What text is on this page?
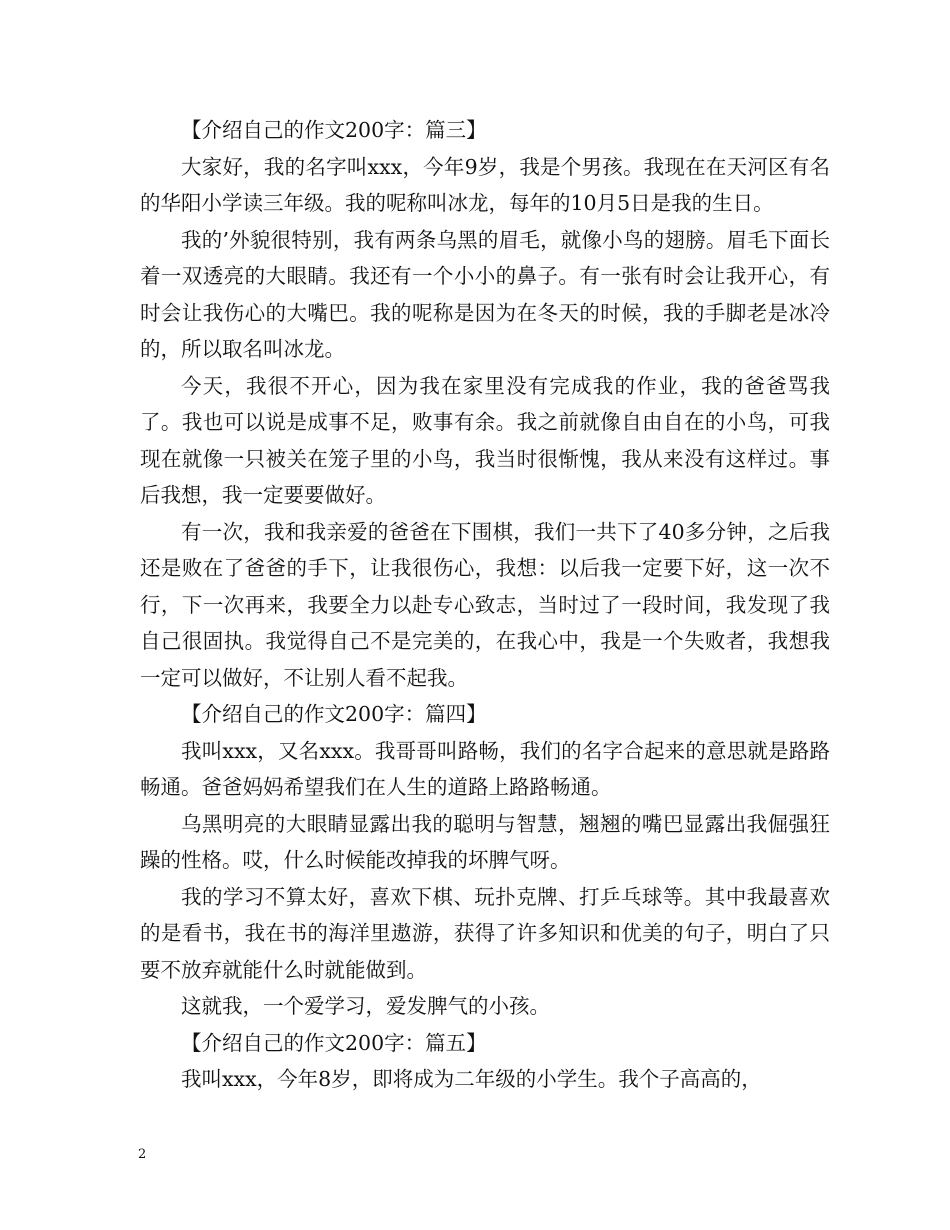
【介绍自己的作文200字：篇三】

大家好，我的名字叫xxx，今年9岁，我是个男孩。我现在在天河区有名的华阳小学读三年级。我的呢称叫冰龙，每年的10月5日是我的生日。

我的’外貌很特别，我有两条乌黑的眉毛，就像小鸟的翅膀。眉毛下面长着一双透亮的大眼睛。我还有一个小小的鼻子。有一张有时会让我开心，有时会让我伤心的大嘴巴。我的呢称是因为在冬天的时候，我的手脚老是冰冷的，所以取名叫冰龙。

今天，我很不开心，因为我在家里没有完成我的作业，我的爸爸骂我了。我也可以说是成事不足，败事有余。我之前就像自由自在的小鸟，可我现在就像一只被关在笼子里的小鸟，我当时很惭愧，我从来没有这样过。事后我想，我一定要要做好。

有一次，我和我亲爱的爸爸在下围棋，我们一共下了40多分钟，之后我还是败在了爸爸的手下，让我很伤心，我想：以后我一定要下好，这一次不行，下一次再来，我要全力以赴专心致志，当时过了一段时间，我发现了我自己很固执。我觉得自己不是完美的，在我心中，我是一个失败者，我想我一定可以做好，不让别人看不起我。

【介绍自己的作文200字：篇四】

我叫xxx，又名xxx。我哥哥叫路畅，我们的名字合起来的意思就是路路畅通。爸爸妈妈希望我们在人生的道路上路路畅通。

乌黑明亮的大眼睛显露出我的聪明与智慧，翘翘的嘴巴显露出我倔强狂躁的性格。哎，什么时候能改掉我的坏脾气呀。

我的学习不算太好，喜欢下棋、玩扑克牌、打乒乓球等。其中我最喜欢的是看书，我在书的海洋里遨游，获得了许多知识和优美的句子，明白了只要不放弃就能什么时就能做到。

这就我，一个爱学习，爱发脾气的小孩。

【介绍自己的作文200字：篇五】

我叫xxx，今年8岁，即将成为二年级的小学生。我个子高高的，

2
